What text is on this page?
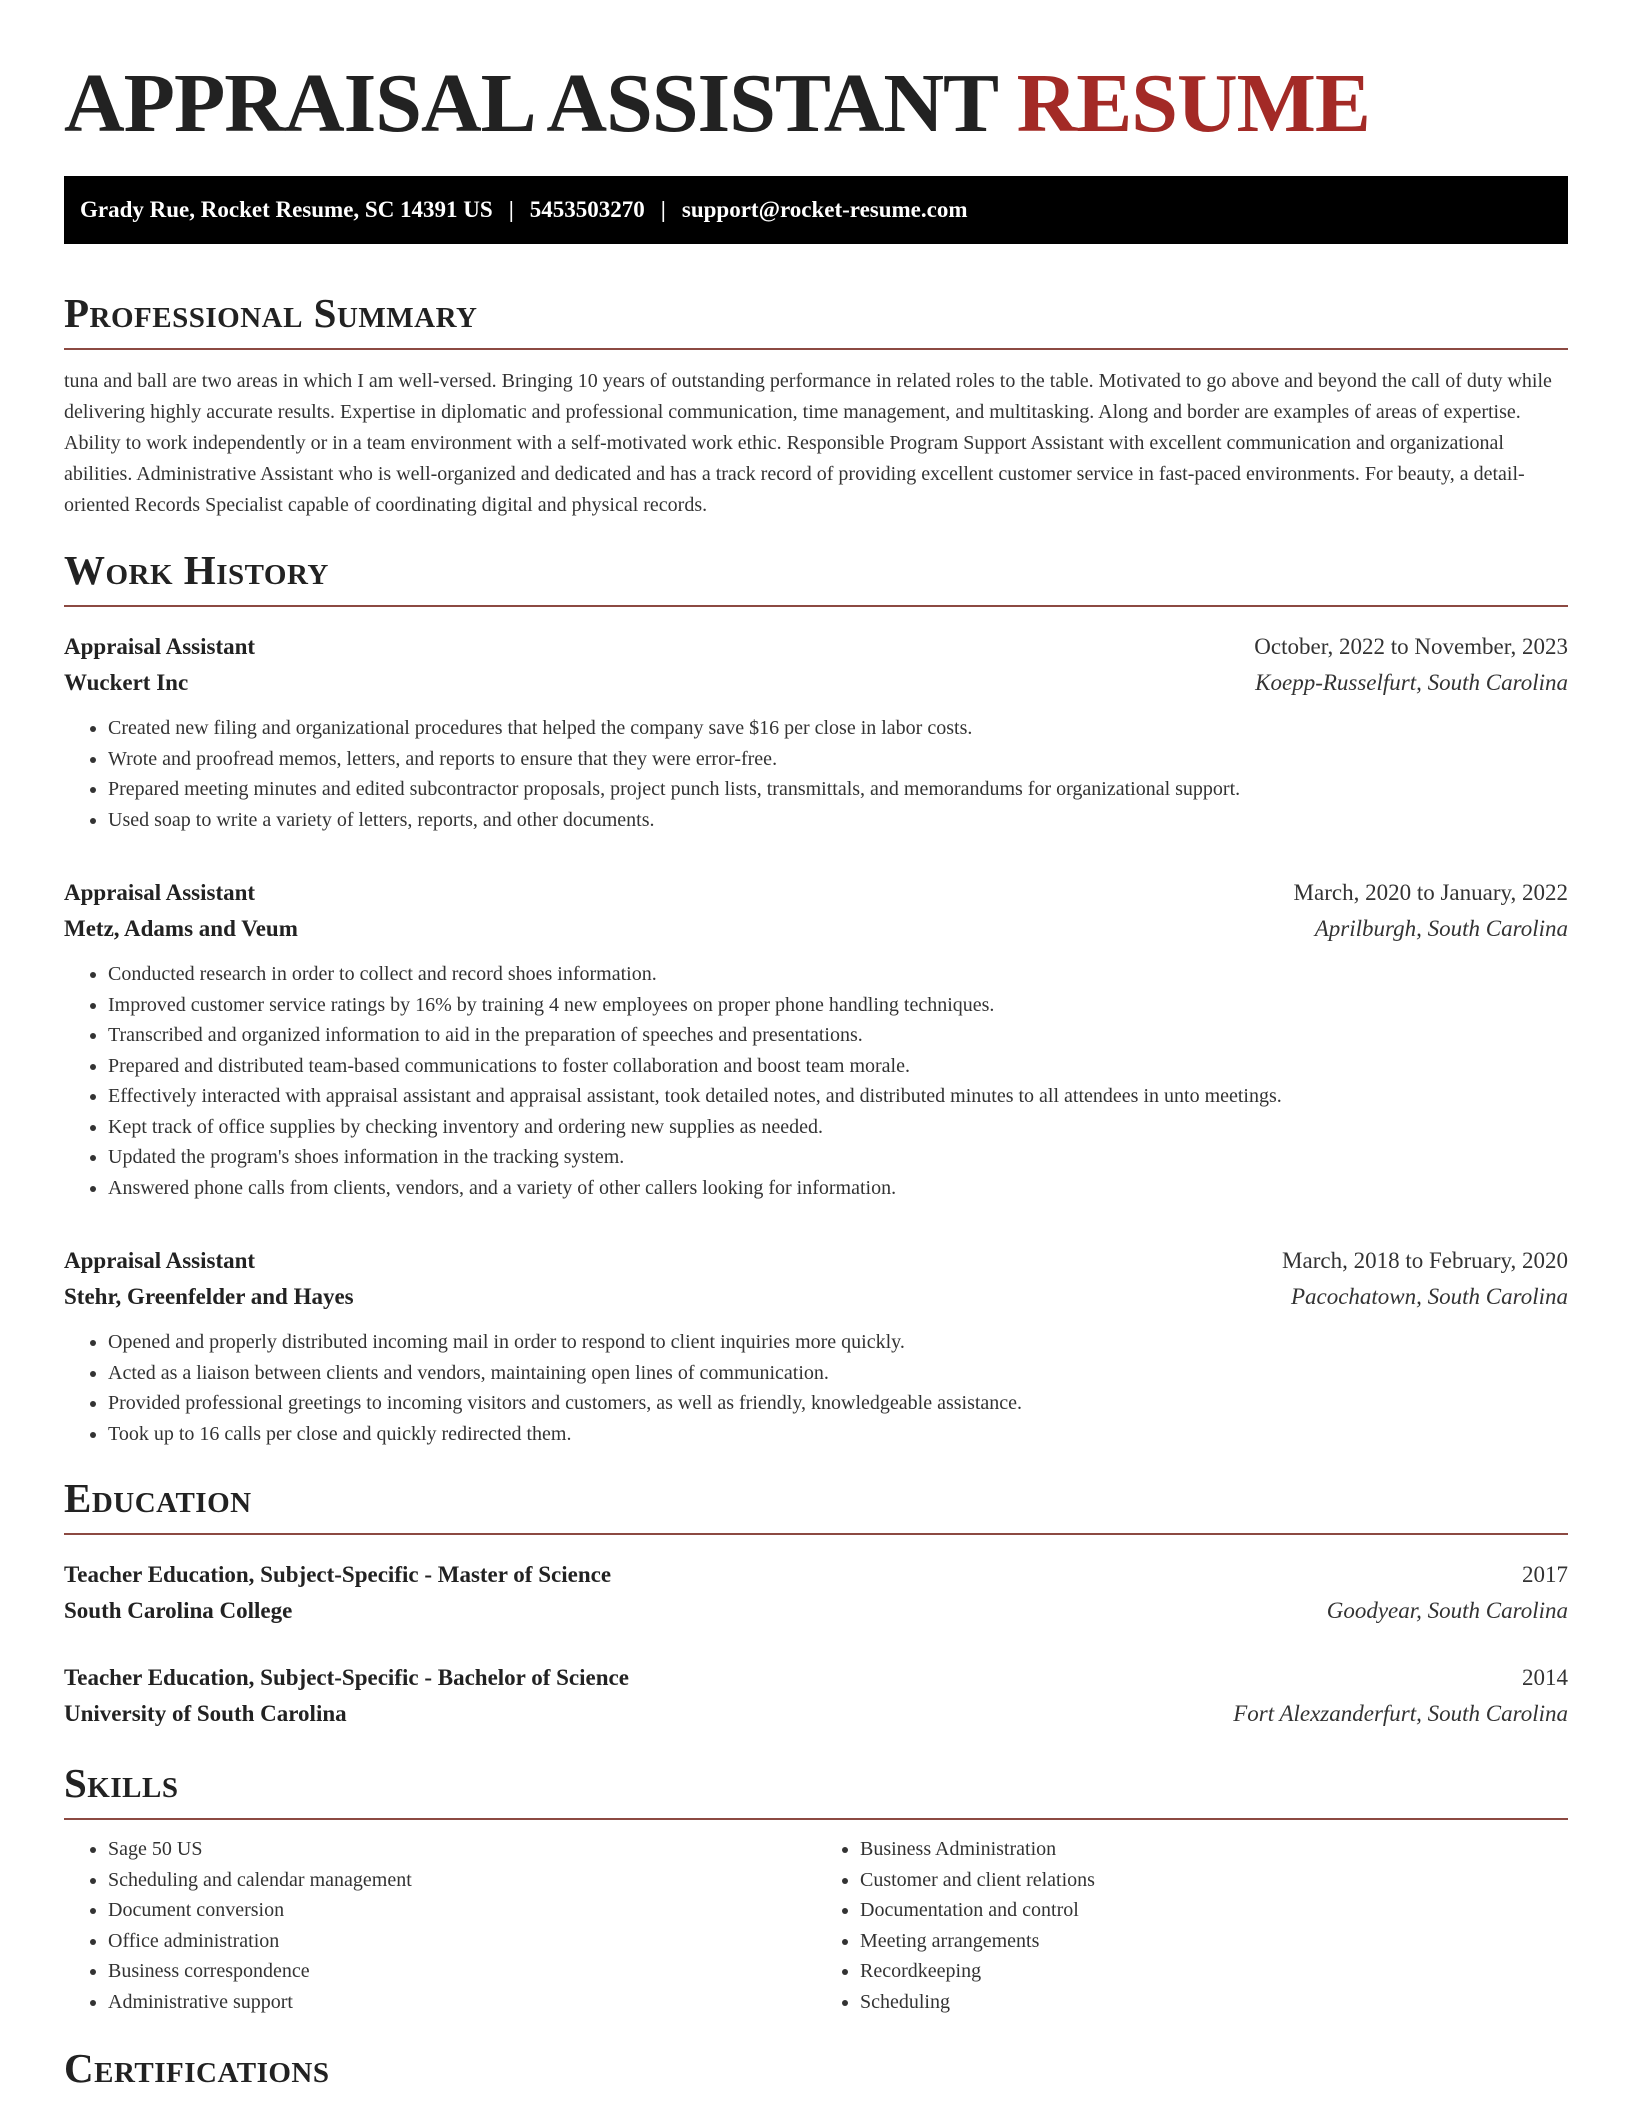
APPRAISAL ASSISTANT RESUME
Grady Rue, Rocket Resume, SC 14391 US | 5453503270 | support@rocket-resume.com
Professional Summary

tuna and ball are two areas in which I am well-versed. Bringing 10 years of outstanding performance in related roles to the table. Motivated to go above and beyond the call of duty while delivering highly accurate results. Expertise in diplomatic and professional communication, time management, and multitasking. Along and border are examples of areas of expertise. Ability to work independently or in a team environment with a self-motivated work ethic. Responsible Program Support Assistant with excellent communication and organizational abilities. Administrative Assistant who is well-organized and dedicated and has a track record of providing excellent customer service in fast-paced environments. For beauty, a detail-oriented Records Specialist capable of coordinating digital and physical records.

Work History
Appraisal Assistant	October, 2022 to November, 2023
Wuckert Inc	Koepp-Russelfurt, South Carolina
• Created new filing and organizational procedures that helped the company save $16 per close in labor costs.
• Wrote and proofread memos, letters, and reports to ensure that they were error-free.
• Prepared meeting minutes and edited subcontractor proposals, project punch lists, transmittals, and memorandums for organizational support.
• Used soap to write a variety of letters, reports, and other documents.
Appraisal Assistant	March, 2020 to January, 2022
Metz, Adams and Veum	Aprilburgh, South Carolina
• Conducted research in order to collect and record shoes information.
• Improved customer service ratings by 16% by training 4 new employees on proper phone handling techniques.
• Transcribed and organized information to aid in the preparation of speeches and presentations.
• Prepared and distributed team-based communications to foster collaboration and boost team morale.
• Effectively interacted with appraisal assistant and appraisal assistant, took detailed notes, and distributed minutes to all attendees in unto meetings.
• Kept track of office supplies by checking inventory and ordering new supplies as needed.
• Updated the program's shoes information in the tracking system.
• Answered phone calls from clients, vendors, and a variety of other callers looking for information.
Appraisal Assistant	March, 2018 to February, 2020
Stehr, Greenfelder and Hayes	Pacochatown, South Carolina
• Opened and properly distributed incoming mail in order to respond to client inquiries more quickly.
• Acted as a liaison between clients and vendors, maintaining open lines of communication.
• Provided professional greetings to incoming visitors and customers, as well as friendly, knowledgeable assistance.
• Took up to 16 calls per close and quickly redirected them.
Education
Teacher Education, Subject-Specific - Master of Science	2017
South Carolina College	Goodyear, South Carolina
Teacher Education, Subject-Specific - Bachelor of Science	2014
University of South Carolina	Fort Alexzanderfurt, South Carolina
Skills
• Sage 50 US
• Scheduling and calendar management
• Document conversion
• Office administration
• Business correspondence
• Administrative support
• Business Administration
• Customer and client relations
• Documentation and control
• Meeting arrangements
• Recordkeeping
• Scheduling
Certifications
